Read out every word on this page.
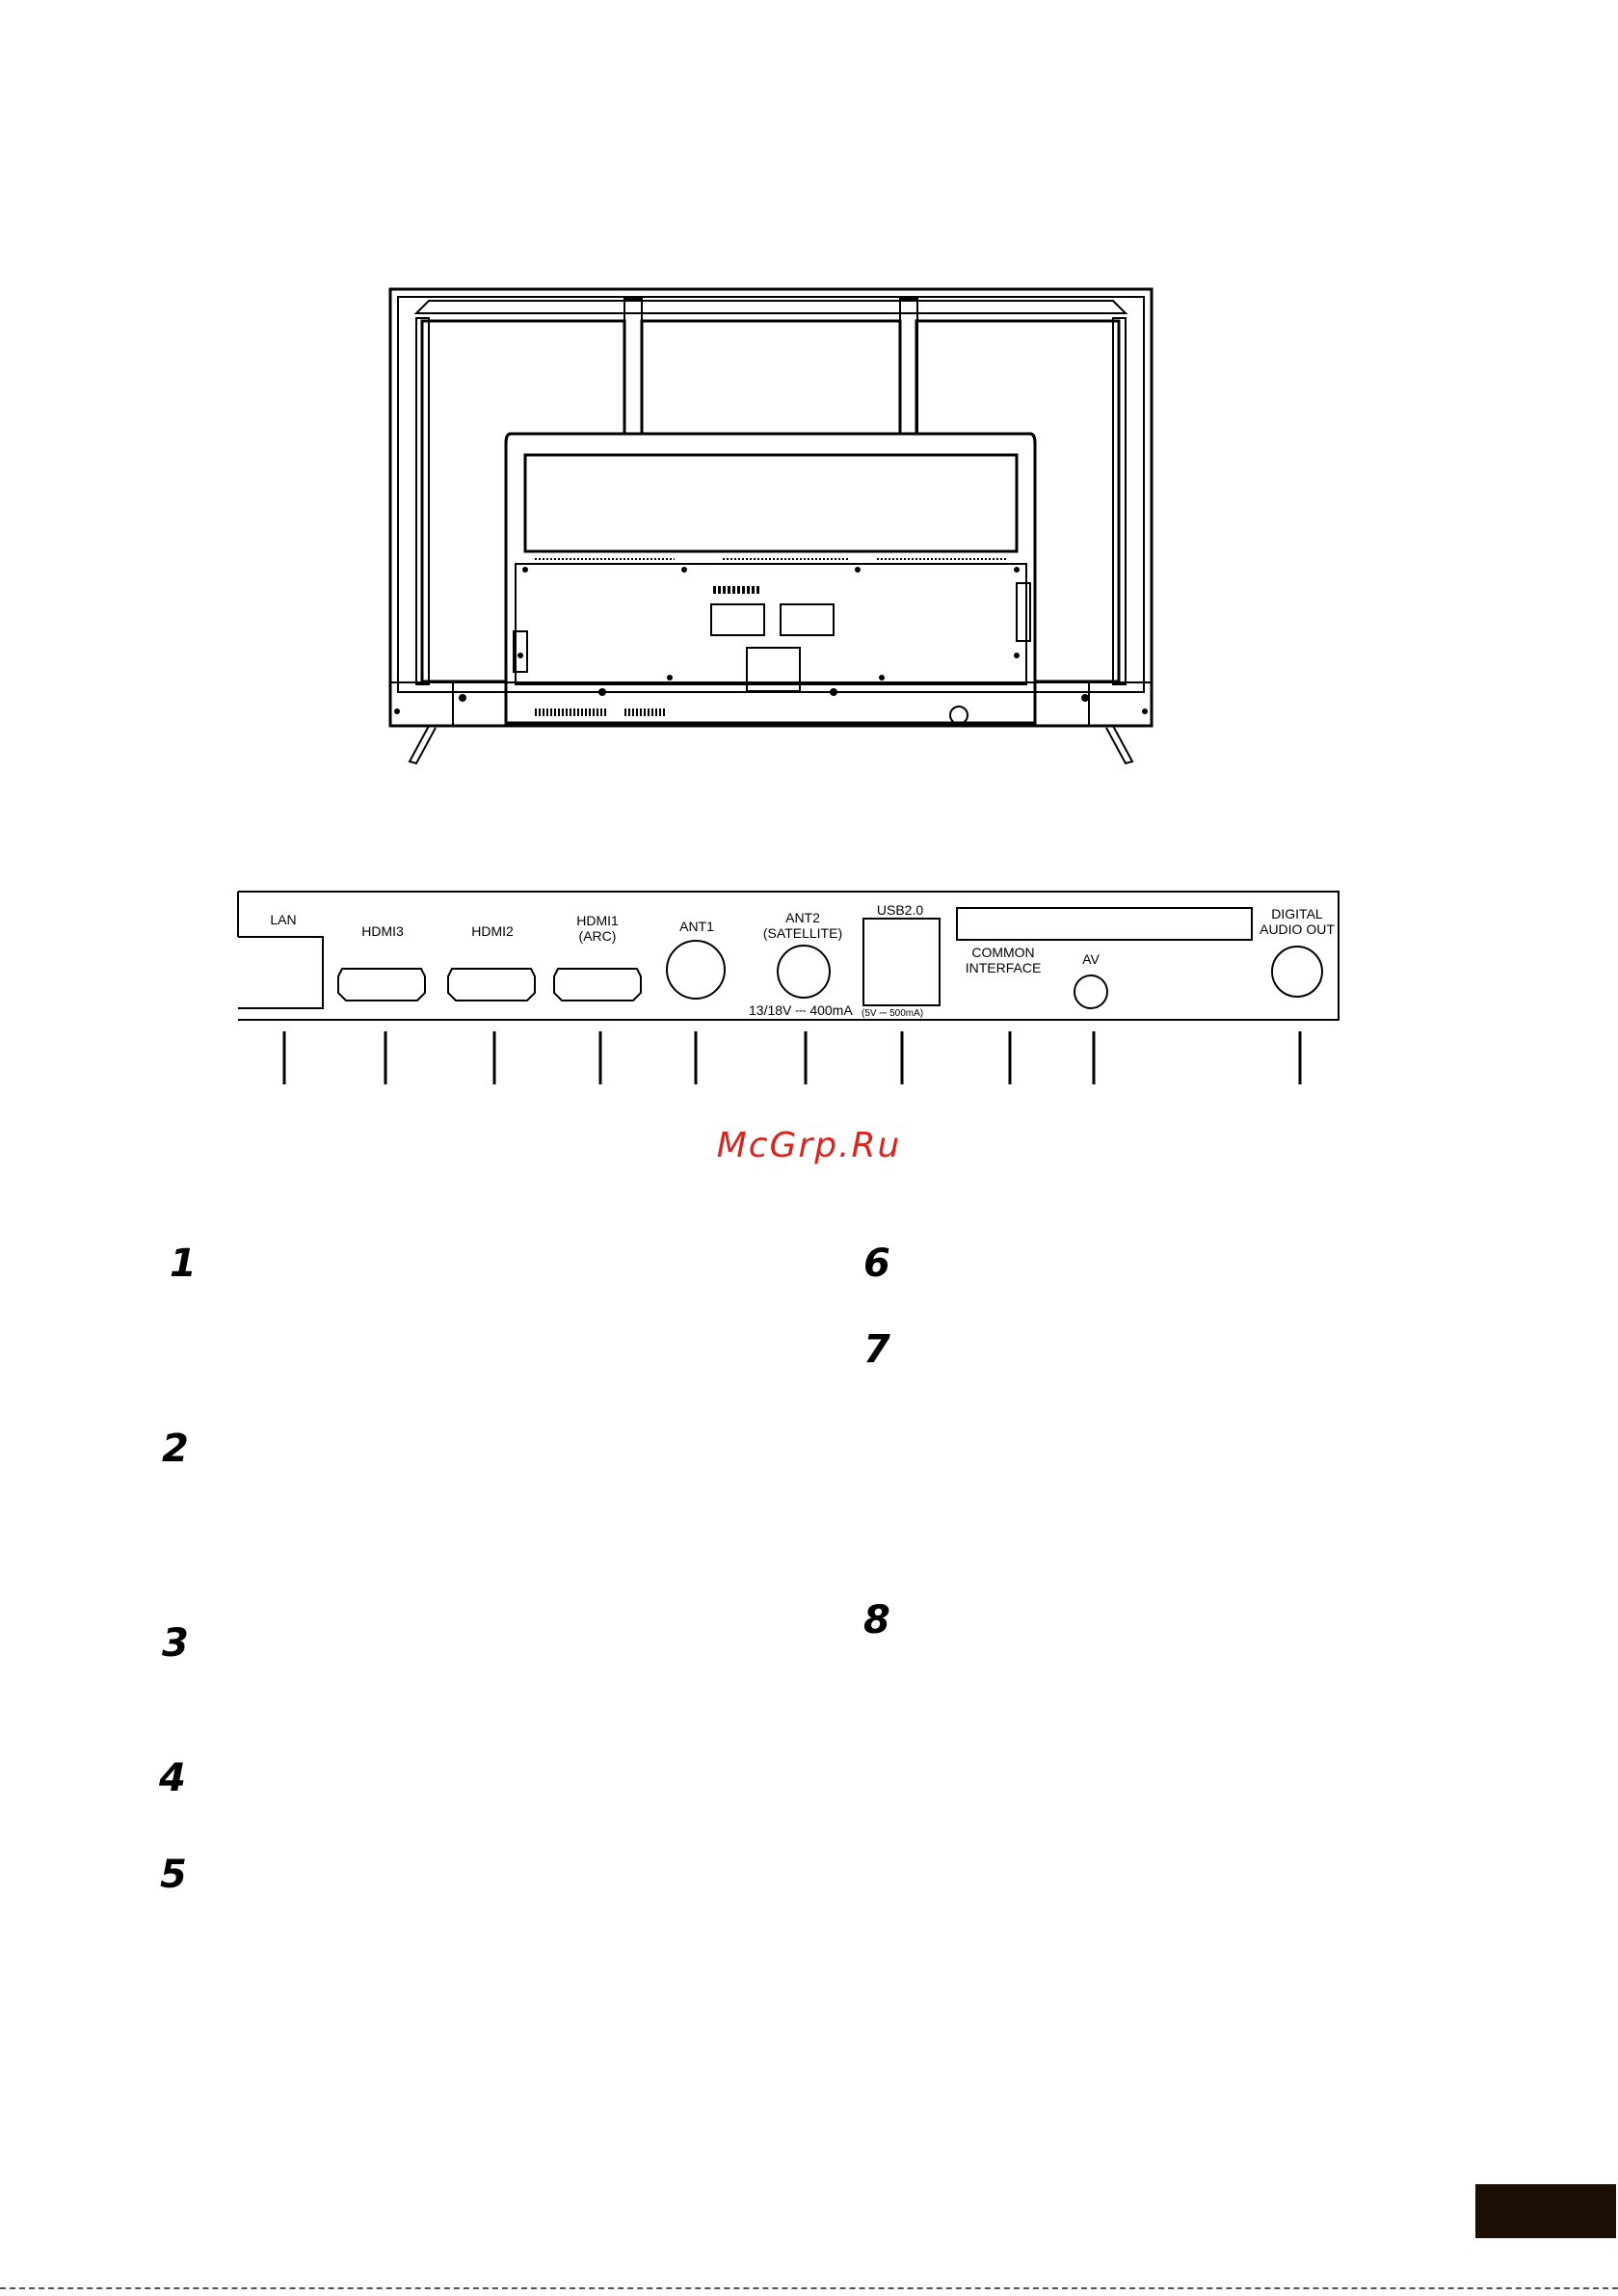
LAN
HDMI3	HDMI2
HDMI1
(ARC)
ANT1
ANT2
(SATELLITE)
13/18V ⎓ 400mA
USB2.0
(5V ⎓ 500mA)
COMMON
INTERFACE
AV
DIGITAL
AUDIO OUT
McGrp.Ru
1
2
3
4
5
6
7
8
